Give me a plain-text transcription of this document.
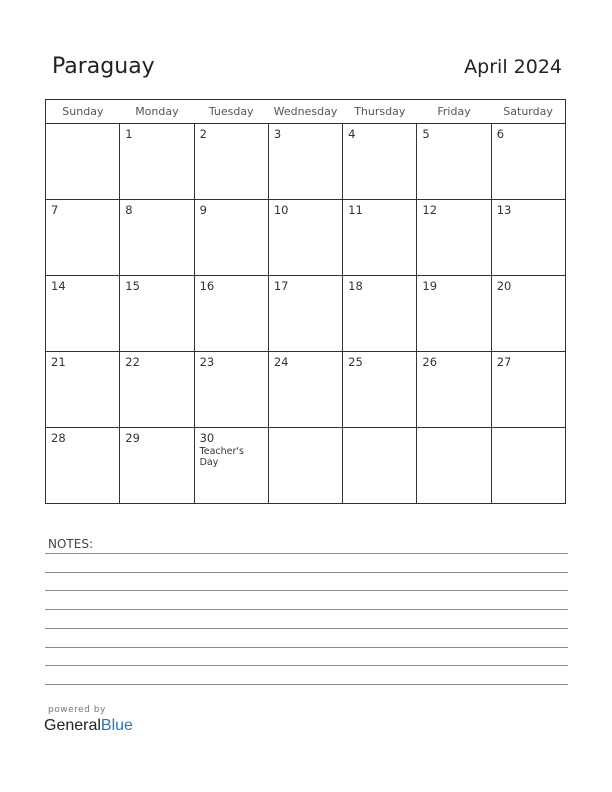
Paraguay	April 2024
Sunday	Monday	Tuesday	Wednesday	Thursday	Friday	Saturday

	1	2	3	4	5	6

7	8	9	10	11	12	13

14	15	16	17	18	19	20

21	22	23	24	25	26	27

28	29	30
Teacher's Day				

NOTES:
powered by
GeneralBlue
